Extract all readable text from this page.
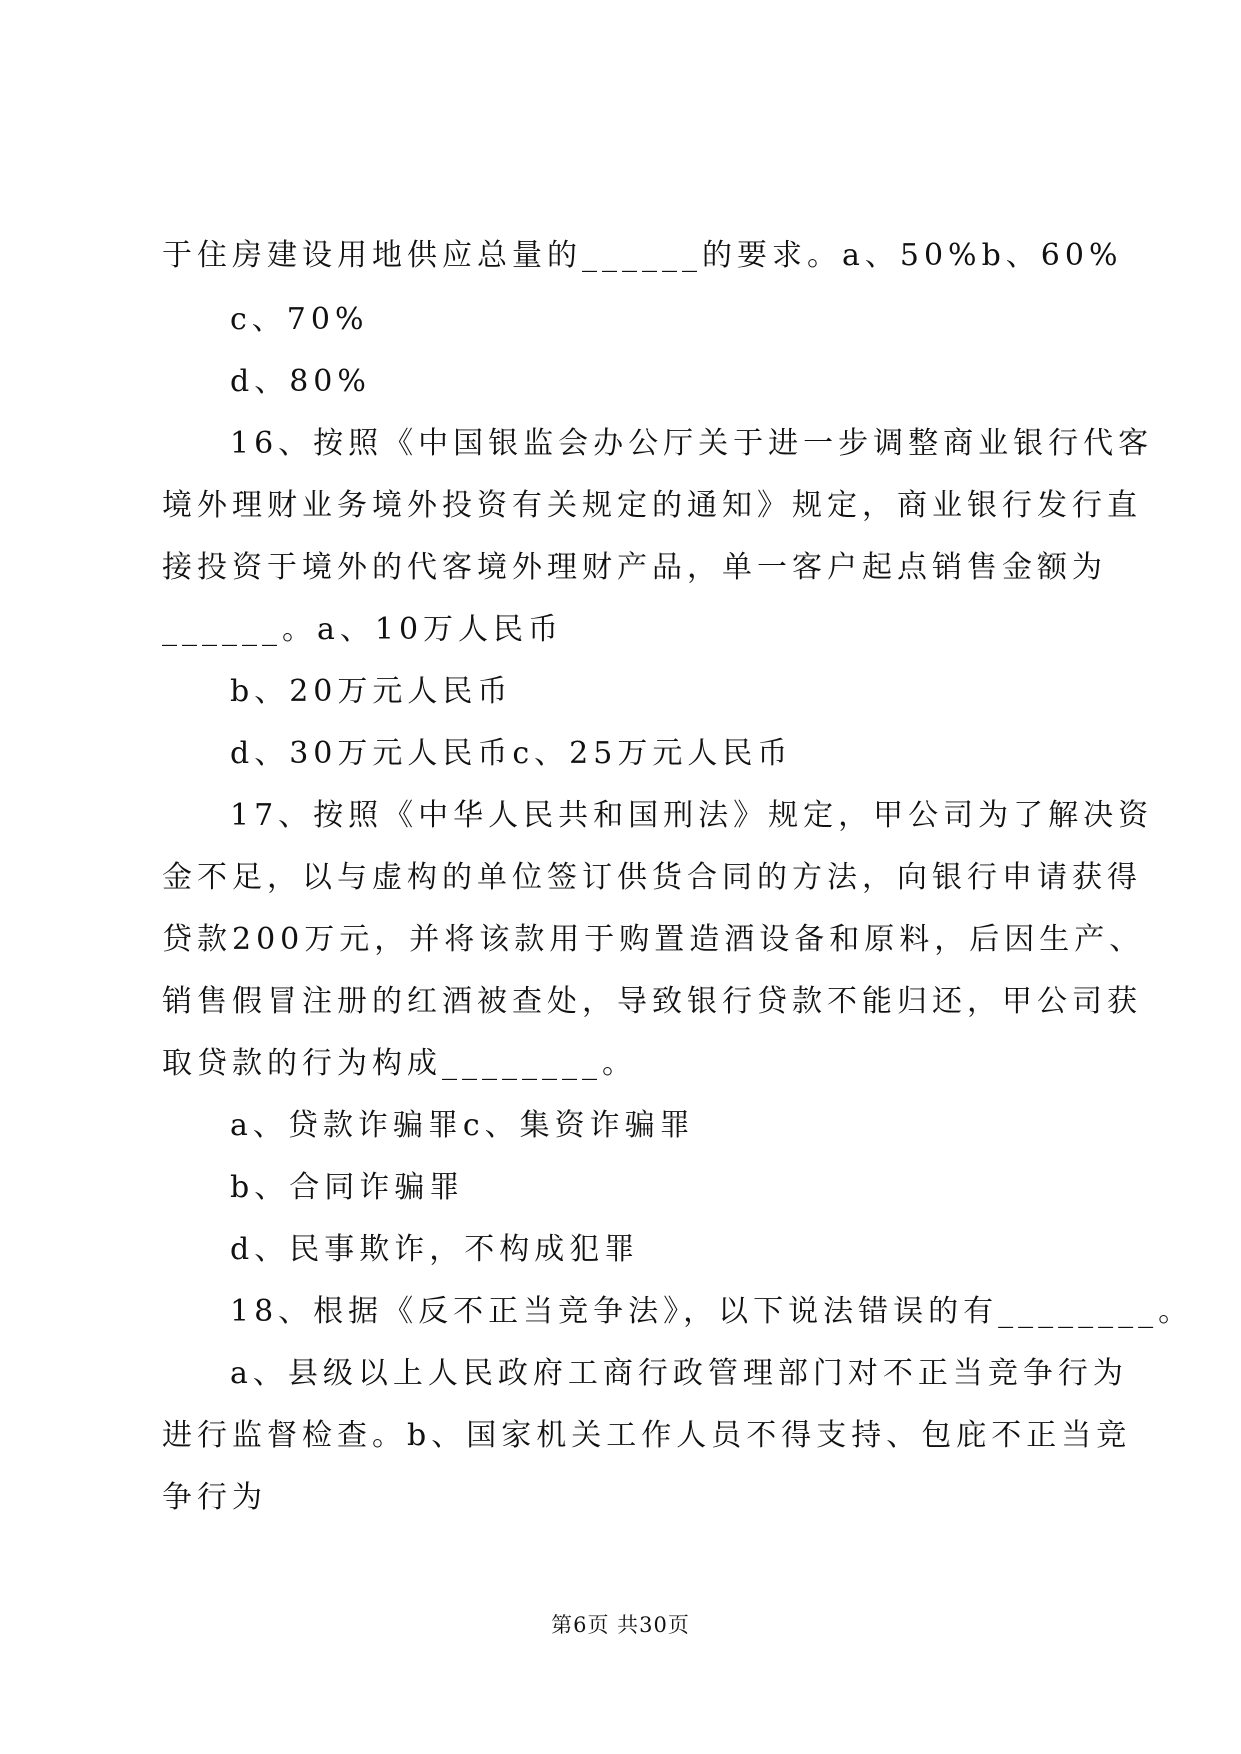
于住房建设用地供应总量的______的要求。a、50%b、60%
c、70%
d、80%
16、按照《中国银监会办公厅关于进一步调整商业银行代客
境外理财业务境外投资有关规定的通知》规定，商业银行发行直
接投资于境外的代客境外理财产品，单一客户起点销售金额为
______。a、10万人民币
b、20万元人民币
d、30万元人民币c、25万元人民币
17、按照《中华人民共和国刑法》规定，甲公司为了解决资
金不足，以与虚构的单位签订供货合同的方法，向银行申请获得
贷款200万元，并将该款用于购置造酒设备和原料，后因生产、
销售假冒注册的红酒被查处，导致银行贷款不能归还，甲公司获
取贷款的行为构成________。
a、贷款诈骗罪c、集资诈骗罪
b、合同诈骗罪
d、民事欺诈，不构成犯罪
18、根据《反不正当竞争法》，以下说法错误的有________。
a、县级以上人民政府工商行政管理部门对不正当竞争行为
进行监督检查。b、国家机关工作人员不得支持、包庇不正当竞
争行为
第6页 共30页
